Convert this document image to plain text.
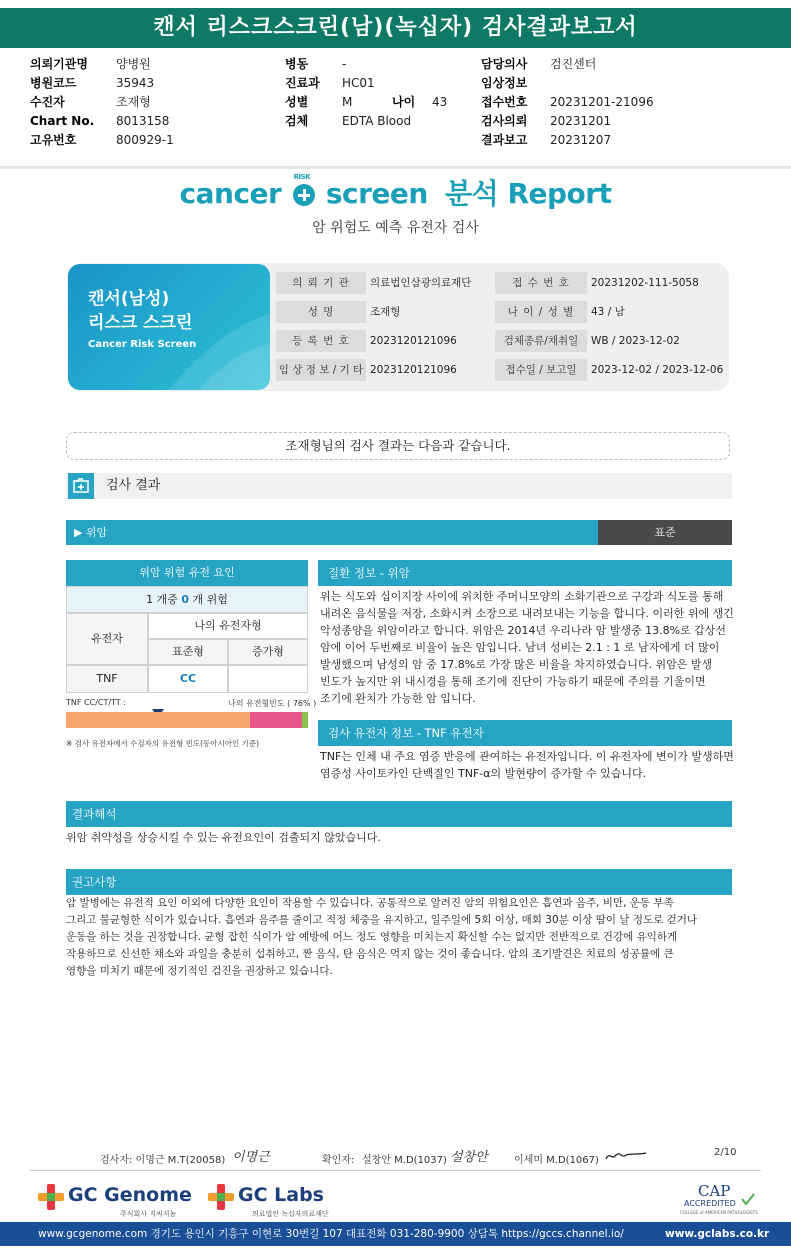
캔서 리스크스크린(남)(녹십자) 검사결과보고서
의뢰기관명 양병원
병원코드	35943
수진자	조재형
Chart No. 8013158
고유번호	800929-1
병동	-
진료과 HC01
성별	M	나이 43
검체	EDTA Blood
담당의사 검진센터
임상정보
접수번호 20231201-21096
검사의뢰 20231201
결과보고 20231207
cancer RISK screen 분석 Report
암 위험도 예측 유전자 검사
캔서(남성)
리스크 스크린
Cancer Risk Screen
의 뢰 기 관	의료법인삼광의료재단	접 수 번 호	20231202-111-5058
성 명	조재형	나 이 / 성 별	43 / 남
등 록 번 호	2023120121096	검체종류/채취일	WB / 2023-12-02
임 상 정 보 / 기 타 2023120121096	접수일 / 보고일	2023-12-02 / 2023-12-06
조재형님의 검사 결과는 다음과 같습니다.
검사 결과
▶ 위암	표준
위암 위험 유전 요인
1 개중 0 개 위험
유전자
나의 유전자형
표준형	증가형
TNF	CC
TNF CC/CT/TT :	나의 유전형빈도 ( 76% )
※ 검사 유전자에서 수검자의 유전형 빈도(동아시아인 기준)
질환 정보 - 위암
위는 식도와 십이지장 사이에 위치한 주머니모양의 소화기관으로 구강과 식도를 통해
내려온 음식물을 저장, 소화시켜 소장으로 내려보내는 기능을 합니다. 이러한 위에 생긴
악성종양을 위암이라고 합니다. 위암은 2014년 우리나라 암 발생중 13.8%로 갑상선
암에 이어 두번째로 비율이 높은 암입니다. 남녀 성비는 2.1 : 1 로 남자에게 더 많이
발생했으며 남성의 암 중 17.8%로 가장 많은 비율을 차지하였습니다. 위암은 발생
빈도가 높지만 위 내시경을 통해 조기에 진단이 가능하기 때문에 주의를 기울이면
조기에 완치가 가능한 암 입니다.
검사 유전자 정보 - TNF 유전자
TNF는 인체 내 주요 염증 반응에 관여하는 유전자입니다. 이 유전자에 변이가 발생하면
염증성 사이토카인 단백질인 TNF-α의 발현량이 증가할 수 있습니다.
결과해석
위암 취약성을 상승시킬 수 있는 유전요인이 검출되지 않았습니다.
권고사항
암 발병에는 유전적 요인 이외에 다양한 요인이 작용할 수 있습니다. 공통적으로 알려진 암의 위험요인은 흡연과 음주, 비만, 운동 부족
그리고 불균형한 식이가 있습니다. 흡연과 음주를 줄이고 적정 체중을 유지하고, 일주일에 5회 이상, 매회 30분 이상 땀이 날 정도로 걷거나
운동을 하는 것을 권장합니다. 균형 잡힌 식이가 암 예방에 어느 정도 영향을 미치는지 확신할 수는 없지만 전반적으로 건강에 유익하게
작용하므로 신선한 채소와 과일을 충분히 섭취하고, 짠 음식, 탄 음식은 먹지 않는 것이 좋습니다. 암의 조기발견은 치료의 성공률에 큰
영향을 미치기 때문에 정기적인 검진을 권장하고 있습니다.
검사자: 이명근 M.T(20058) 이명근	확인자: 설창안 M.D(1037) 설창안	이세미 M.D(1067)
2/10
GC Genome
주식회사 지씨지놈
GC Labs
의료법인 녹십자의료재단
CAP
ACCREDITED
COLLEGE of AMERICAN PATHOLOGISTS
www.gcgenome.com 경기도 용인시 기흥구 이현로 30번길 107 대표전화 031-280-9900 상담톡 https://gccs.channel.io/	www.gclabs.co.kr
